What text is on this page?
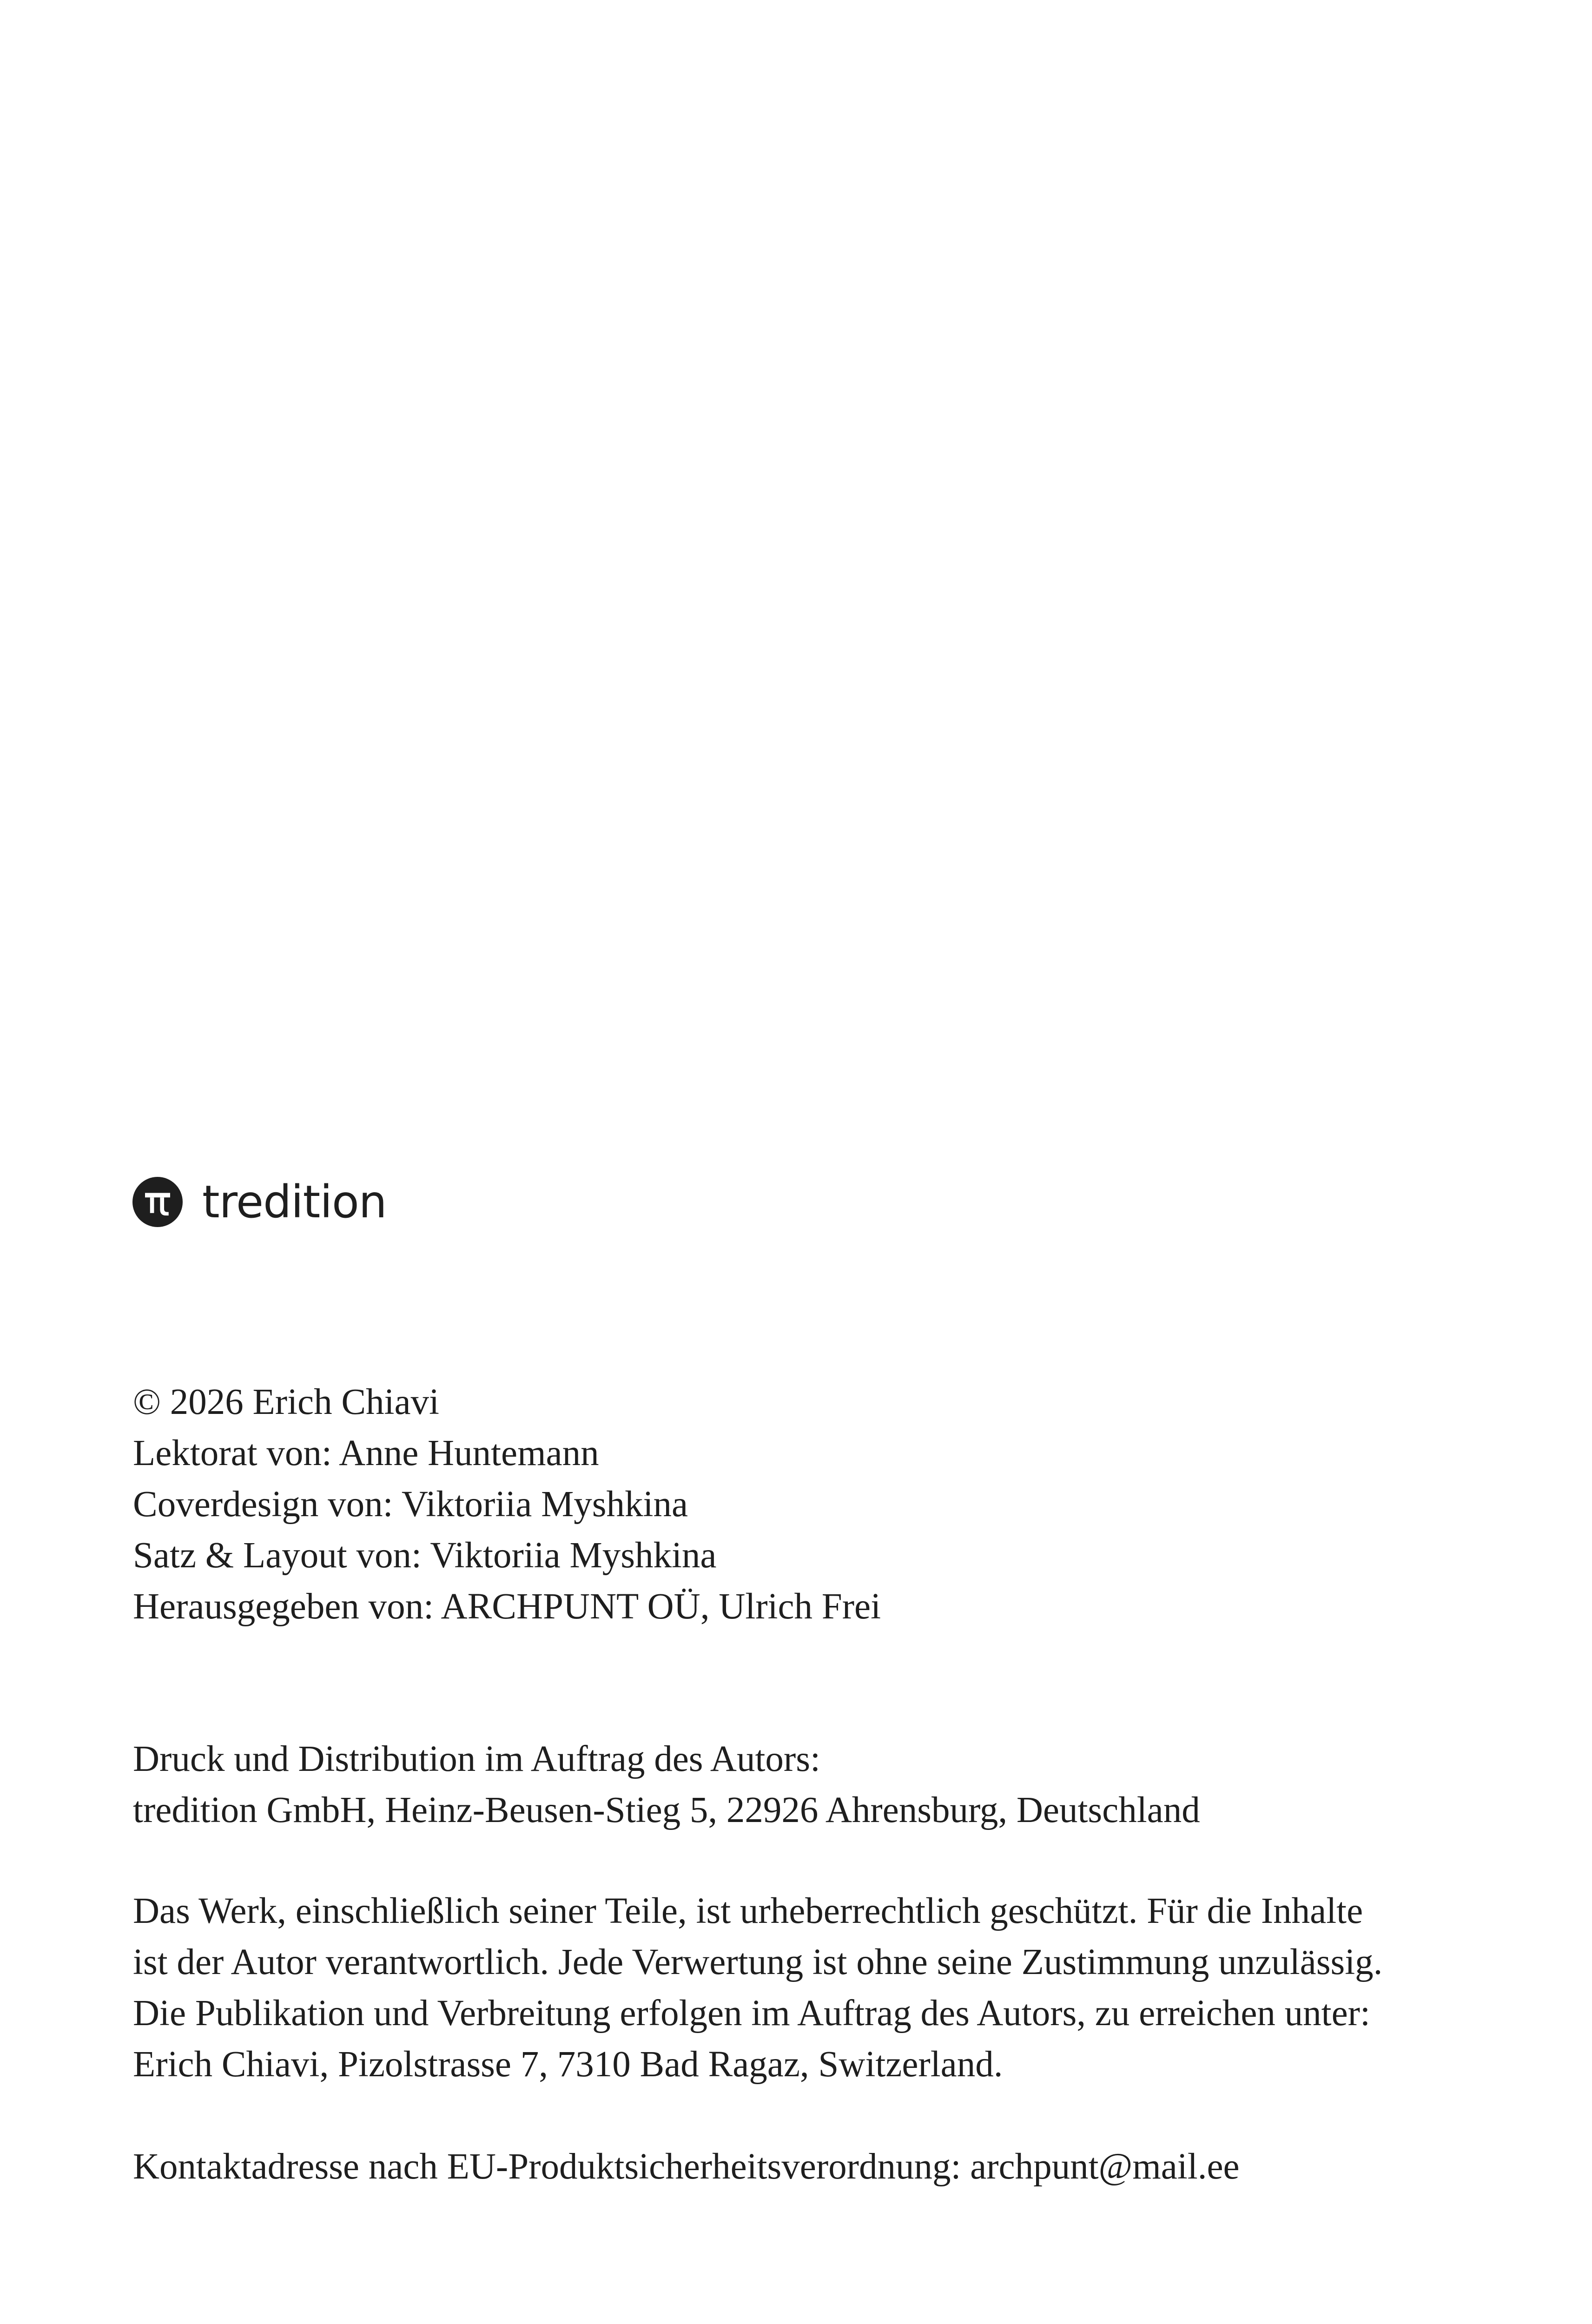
tredition
© 2026 Erich Chiavi
Lektorat von: Anne Huntemann
Coverdesign von: Viktoriia Myshkina
Satz & Layout von: Viktoriia Myshkina
Herausgegeben von: ARCHPUNT OÜ, Ulrich Frei
Druck und Distribution im Auftrag des Autors:
tredition GmbH, Heinz-Beusen-Stieg 5, 22926 Ahrensburg, Deutschland
Das Werk, einschließlich seiner Teile, ist urheberrechtlich geschützt. Für die Inhalte
ist der Autor verantwortlich. Jede Verwertung ist ohne seine Zustimmung unzulässig.
Die Publikation und Verbreitung erfolgen im Auftrag des Autors, zu erreichen unter:
Erich Chiavi, Pizolstrasse 7, 7310 Bad Ragaz, Switzerland.
Kontaktadresse nach EU-Produktsicherheitsverordnung: archpunt@mail.ee
